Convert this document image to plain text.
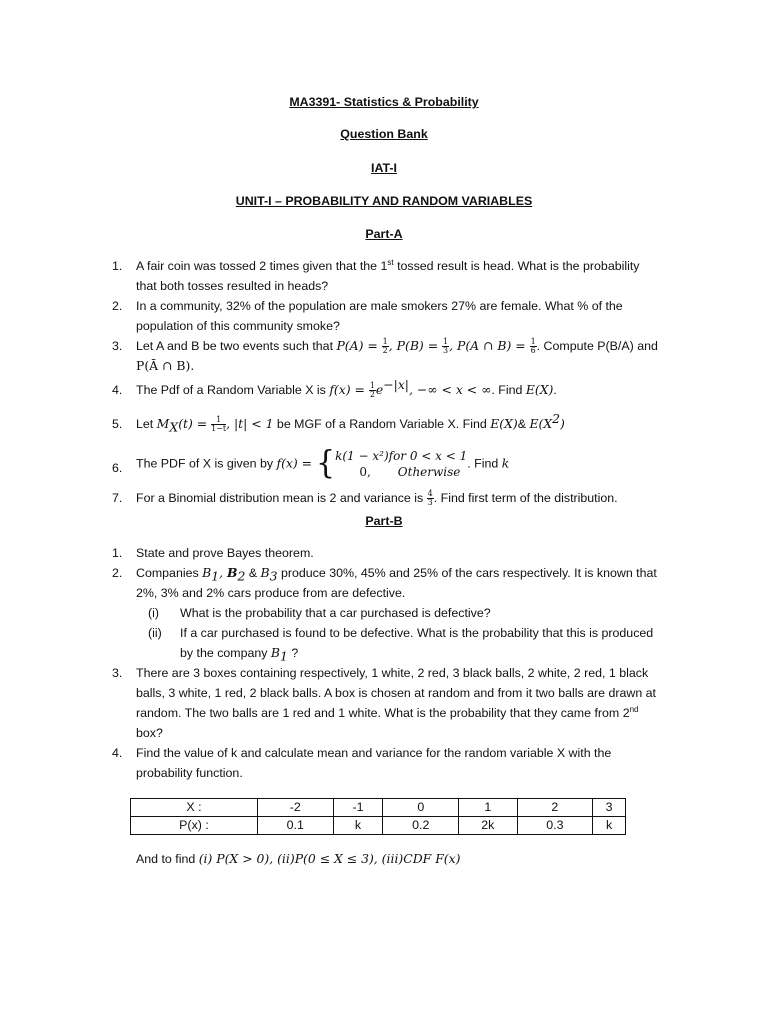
MA3391- Statistics & Probability
Question Bank
IAT-I
UNIT-I – PROBABILITY AND RANDOM VARIABLES
Part-A
1. A fair coin was tossed 2 times given that the 1st tossed result is head. What is the probability
that both tosses resulted in heads?
2. In a community, 32% of the population are male smokers 27% are female. What % of the
population of this community smoke?
3. Let A and B be two events such that $P(A) = \frac{1}{2}$ , $P(B) = \frac{1}{3}$ , P(A ∩ $B) = \frac{1}{6}$ . Compute P(B/A) and
P(Ā ∩ B).
4. The Pdf of a Random Variable X is $f(x) = \frac{1}{2} e^{-|x|}$, −∞ < x < ∞. Find E(X).
5. Let $M_X(t) = \frac{1}{1-t}$ , |t| < 1 be MGF of a Random Variable X. Find E(X)& $E(X^2)$
6. The PDF of X is given by f(x) = { k(1 − x²)for 0 < x < 1
0, Otherwise
. Find k
7. For a Binomial distribution mean is 2 and variance is $\frac{4}{3}$ . Find first term of the distribution.
Part-B
1. State and prove Bayes theorem.
2. Companies $B_1$, $B_2$ & $B_3$ produce 30%, 45% and 25% of the cars respectively. It is known that
2%, 3% and 2% cars produce from are defective.
(i) What is the probability that a car purchased is defective?
(ii) If a car purchased is found to be defective. What is the probability that this is produced
by the company $B_1$ ?
3. There are 3 boxes containing respectively, 1 white, 2 red, 3 black balls, 2 white, 2 red, 1 black
balls, 3 white, 1 red, 2 black balls. A box is chosen at random and from it two balls are drawn at
random. The two balls are 1 red and 1 white. What is the probability that they came from 2nd
box?
4. Find the value of k and calculate mean and variance for the random variable X with the
probability function.
X :	-2	-1	0	1	2	3
P(x) :	0.1	k	0.2	2k	0.3	k
And to find (i) P(X > 0), (ii)P(0 ≤ X ≤ 3), (iii)CDF F(x)
